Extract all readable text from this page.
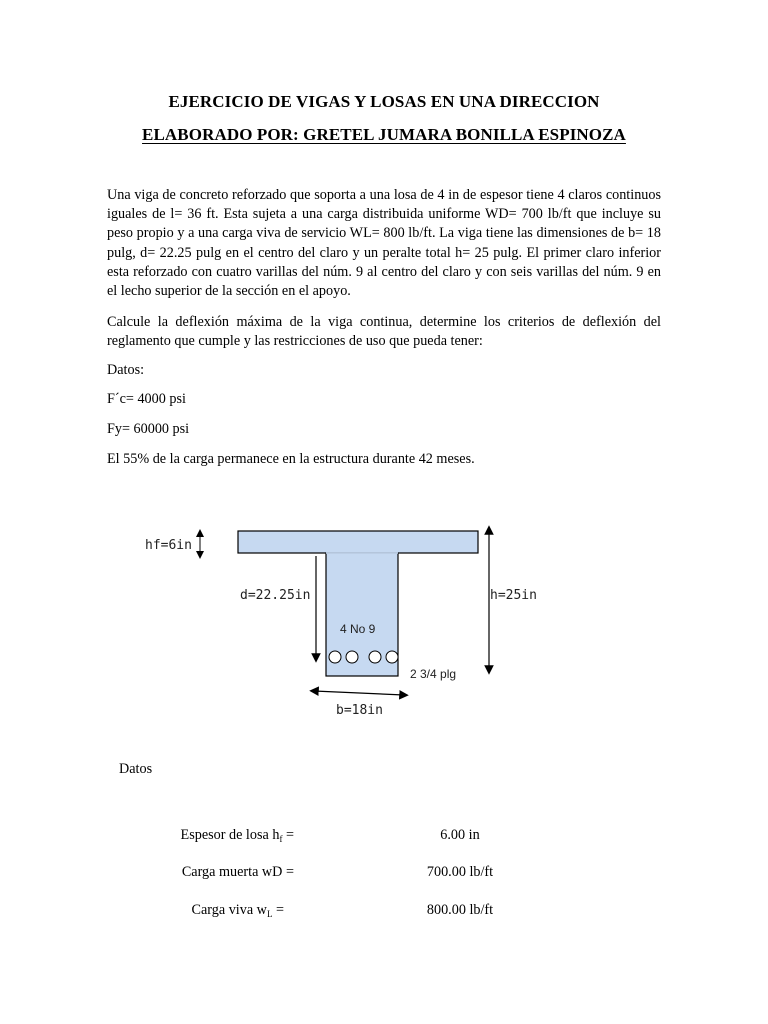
EJERCICIO DE VIGAS Y LOSAS EN UNA DIRECCION
ELABORADO POR: GRETEL JUMARA BONILLA ESPINOZA
Una viga de concreto reforzado que soporta a una losa de 4 in de espesor tiene 4 claros continuos iguales de l= 36 ft. Esta sujeta a una carga distribuida uniforme WD= 700 lb/ft que incluye su peso propio y a una carga viva de servicio WL= 800 lb/ft. La viga tiene las dimensiones de b= 18 pulg, d= 22.25 pulg en el centro del claro y un peralte total h= 25 pulg. El primer claro inferior esta reforzado con cuatro varillas del núm. 9 al centro del claro y con seis varillas del núm. 9 en el lecho superior de la sección en el apoyo.
Calcule la deflexión máxima de la viga continua, determine los criterios de deflexión del reglamento que cumple y las restricciones de uso que pueda tener:
Datos:
F´c= 4000 psi
Fy= 60000 psi
El 55% de la carga permanece en la estructura durante 42 meses.
hf=6in
d=22.25in	h=25in
4 No 9
2 3/4 plg
b=18in
Datos
Espesor de losa $h_f$ =	6.00 in
Carga muerta wD =	700.00 lb/ft
Carga viva $w_L$ =	800.00 lb/ft
